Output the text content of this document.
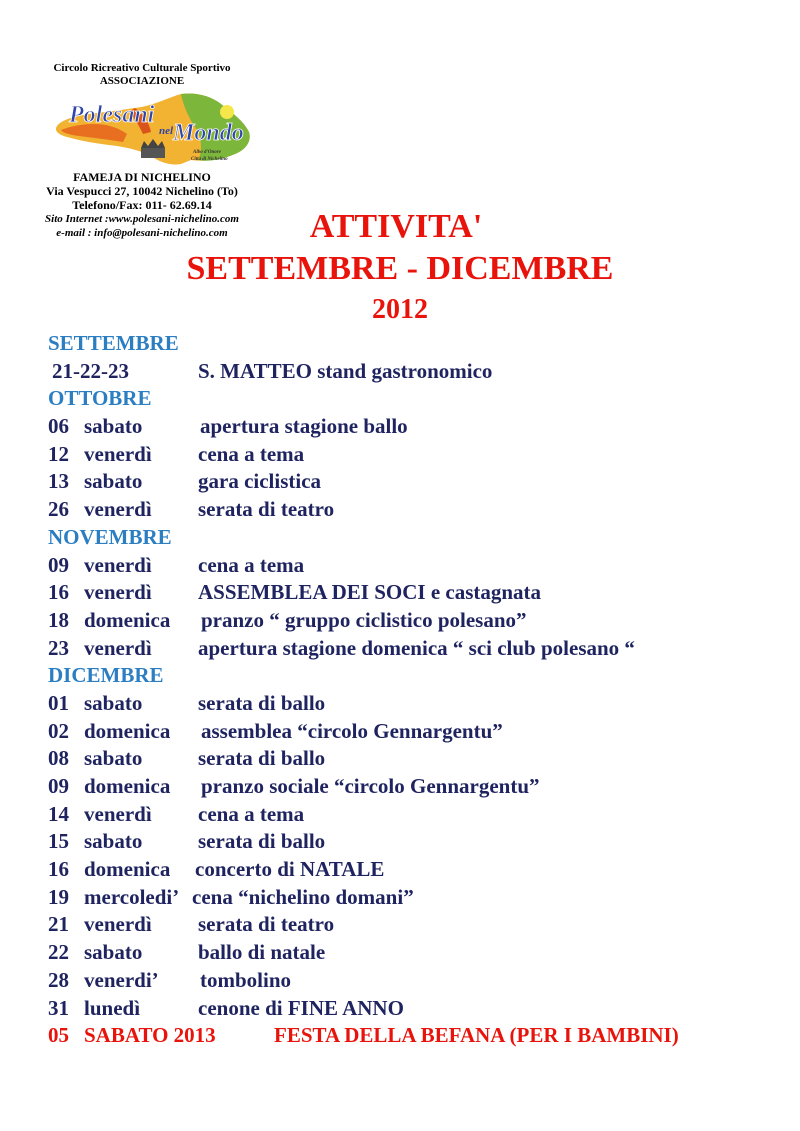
Circolo Ricreativo Culturale Sportivo
ASSOCIAZIONE
Polesani
nel Mondo
Albo d'Onore
Città di Nichelino
FAMEJA DI NICHELINO
Via Vespucci 27, 10042 Nichelino (To)
Telefono/Fax: 011- 62.69.14
Sito Internet :www.polesani-nichelino.com
e-mail : info@polesani-nichelino.com	ATTIVITA'
SETTEMBRE - DICEMBRE
2012
SETTEMBRE
21-22-23	S. MATTEO stand gastronomico
OTTOBRE
06 sabato	apertura stagione ballo
12 venerdì cena a tema
13 sabato	gara ciclistica
26 venerdì serata di teatro
NOVEMBRE
09 venerdì cena a tema
16 venerdì ASSEMBLEA DEI SOCI e castagnata
18 domenica pranzo “ gruppo ciclistico polesano”
23 venerdì apertura stagione domenica “ sci club polesano “
DICEMBRE
01 sabato	serata di ballo
02 domenica assemblea “circolo Gennargentu”
08 sabato	serata di ballo
09 domenica pranzo sociale “circolo Gennargentu”
14 venerdì cena a tema
15 sabato	serata di ballo
16 domenica concerto di NATALE
19 mercoledi’ cena “nichelino domani”
21 venerdì serata di teatro
22 sabato	ballo di natale
28 venerdi’ tombolino
31 lunedì	cenone di FINE ANNO
05 SABATO 2013	FESTA DELLA BEFANA (PER I BAMBINI)
